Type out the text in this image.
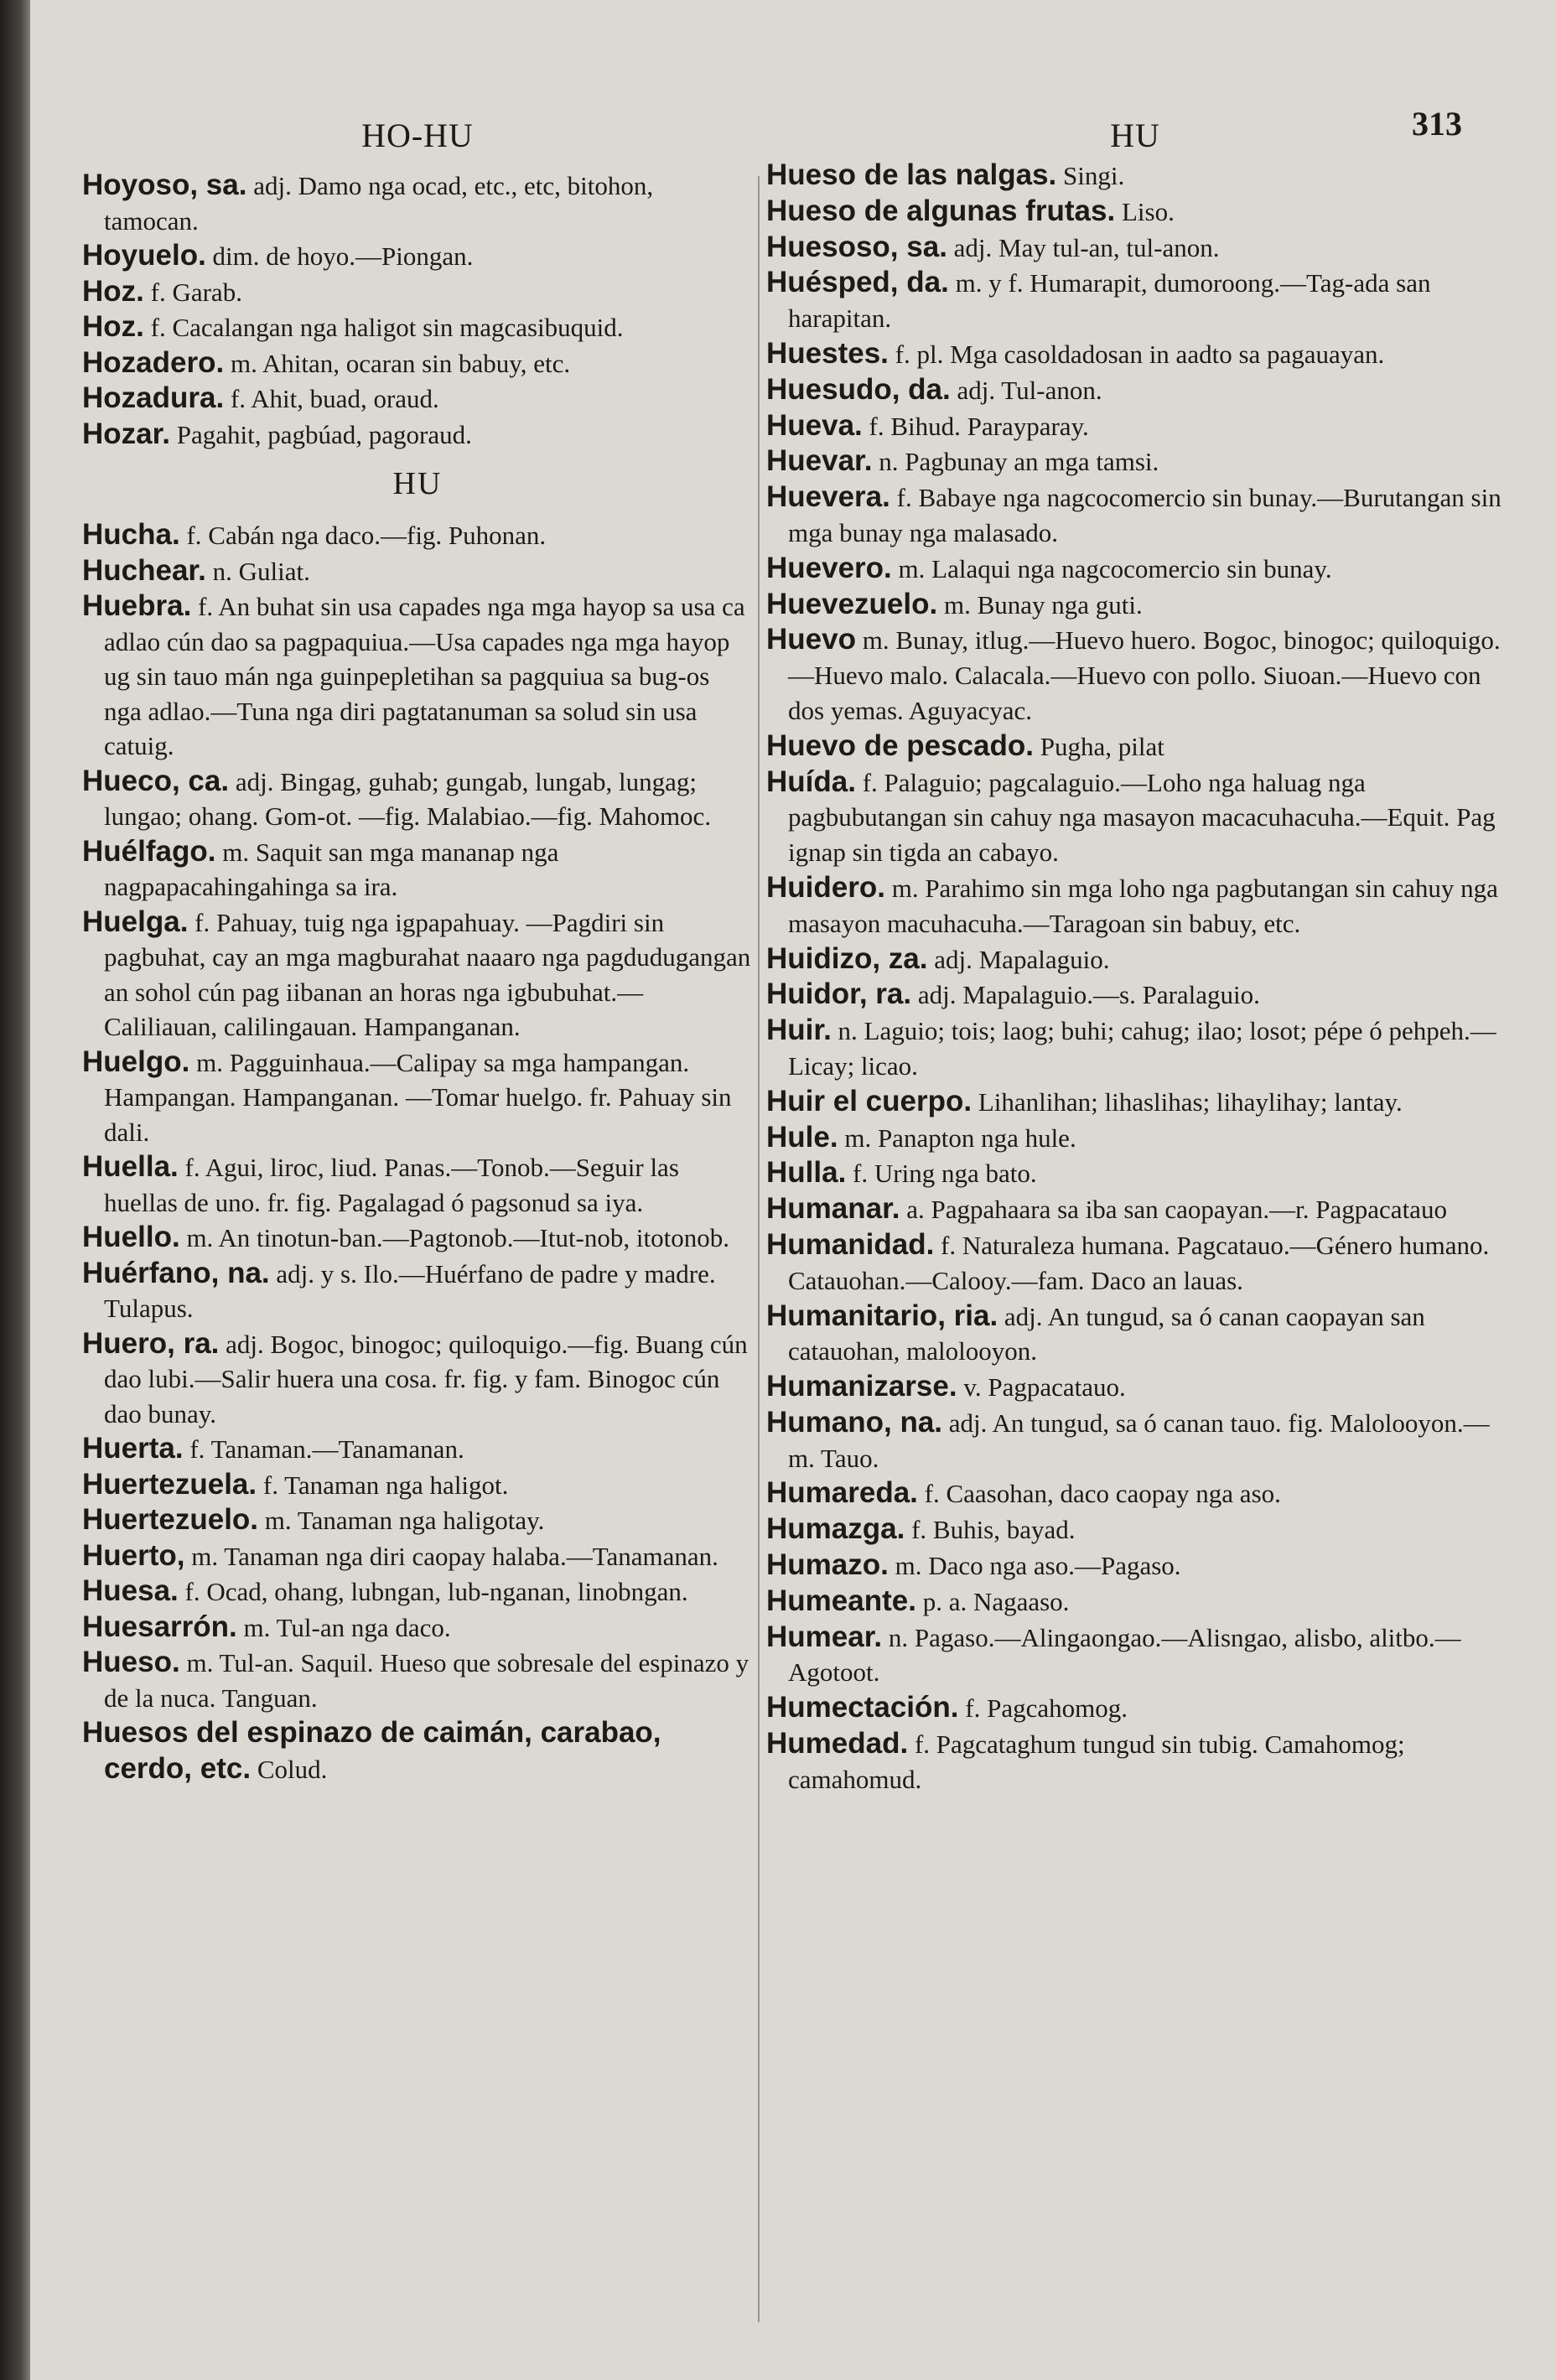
HO-HU

Hoyoso, sa. adj. Damo nga ocad, etc., etc, bitohon, tamocan.

Hoyuelo. dim. de hoyo.—Piongan.

Hoz. f. Garab.

Hoz. f. Cacalangan nga haligot sin magcasibuquid.

Hozadero. m. Ahitan, ocaran sin babuy, etc.

Hozadura. f. Ahit, buad, oraud.

Hozar. Pagahit, pagbúad, pagoraud.

HU

Hucha. f. Cabán nga daco.—fig. Puhonan.

Huchear. n. Guliat.

Huebra. f. An buhat sin usa capades nga mga hayop sa usa ca adlao cún dao sa pagpaquiua.—Usa capades nga mga hayop ug sin tauo mán nga guinpepletihan sa pagquiua sa bug-os nga adlao.—Tuna nga diri pagtatanuman sa solud sin usa catuig.

Hueco, ca. adj. Bingag, guhab; gungab, lungab, lungag; lungao; ohang. Gom-ot. —fig. Malabiao.—fig. Mahomoc.

Huélfago. m. Saquit san mga mananap nga nagpapacahingahinga sa ira.

Huelga. f. Pahuay, tuig nga igpapahuay. —Pagdiri sin pagbuhat, cay an mga magburahat naaaro nga pagdudugangan an sohol cún pag iibanan an horas nga igbubuhat.—Caliliauan, calilingauan. Hampanganan.

Huelgo. m. Pagguinhaua.—Calipay sa mga hampangan. Hampangan. Hampanganan. —Tomar huelgo. fr. Pahuay sin dali.

Huella. f. Agui, liroc, liud. Panas.—Tonob.—Seguir las huellas de uno. fr. fig. Pagalagad ó pagsonud sa iya.

Huello. m. An tinotun-ban.—Pagtonob.—Itut-nob, itotonob.

Huérfano, na. adj. y s. Ilo.—Huérfano de padre y madre. Tulapus.

Huero, ra. adj. Bogoc, binogoc; quiloquigo.—fig. Buang cún dao lubi.—Salir huera una cosa. fr. fig. y fam. Binogoc cún dao bunay.

Huerta. f. Tanaman.—Tanamanan.

Huertezuela. f. Tanaman nga haligot.

Huertezuelo. m. Tanaman nga haligotay.

Huerto, m. Tanaman nga diri caopay halaba.—Tanamanan.

Huesa. f. Ocad, ohang, lubngan, lub-nganan, linobngan.

Huesarrón. m. Tul-an nga daco.

Hueso. m. Tul-an. Saquil. Hueso que sobresale del espinazo y de la nuca. Tanguan.

Huesos del espinazo de caimán, carabao, cerdo, etc. Colud.

HU	313

Hueso de las nalgas. Singi.

Hueso de algunas frutas. Liso.

Huesoso, sa. adj. May tul-an, tul-anon.

Huésped, da. m. y f. Humarapit, dumoroong.—Tag-ada san harapitan.

Huestes. f. pl. Mga casoldadosan in aadto sa pagauayan.

Huesudo, da. adj. Tul-anon.

Hueva. f. Bihud. Parayparay.

Huevar. n. Pagbunay an mga tamsi.

Huevera. f. Babaye nga nagcocomercio sin bunay.—Burutangan sin mga bunay nga malasado.

Huevero. m. Lalaqui nga nagcocomercio sin bunay.

Huevezuelo. m. Bunay nga guti.

Huevo m. Bunay, itlug.—Huevo huero. Bogoc, binogoc; quiloquigo.—Huevo malo. Calacala.—Huevo con pollo. Siuoan.—Huevo con dos yemas. Aguyacyac.

Huevo de pescado. Pugha, pilat

Huída. f. Palaguio; pagcalaguio.—Loho nga haluag nga pagbubutangan sin cahuy nga masayon macacuhacuha.—Equit. Pag ignap sin tigda an cabayo.

Huidero. m. Parahimo sin mga loho nga pagbutangan sin cahuy nga masayon macuhacuha.—Taragoan sin babuy, etc.

Huidizo, za. adj. Mapalaguio.

Huidor, ra. adj. Mapalaguio.—s. Paralaguio.

Huir. n. Laguio; tois; laog; buhi; cahug; ilao; losot; pépe ó pehpeh.—Licay; licao.

Huir el cuerpo. Lihanlihan; lihaslihas; lihaylihay; lantay.

Hule. m. Panapton nga hule.

Hulla. f. Uring nga bato.

Humanar. a. Pagpahaara sa iba san caopayan.—r. Pagpacatauo

Humanidad. f. Naturaleza humana. Pagcatauo.—Género humano. Catauohan.—Calooy.—fam. Daco an lauas.

Humanitario, ria. adj. An tungud, sa ó canan caopayan san catauohan, malolooyon.

Humanizarse. v. Pagpacatauo.

Humano, na. adj. An tungud, sa ó canan tauo. fig. Malolooyon.—m. Tauo.

Humareda. f. Caasohan, daco caopay nga aso.

Humazga. f. Buhis, bayad.

Humazo. m. Daco nga aso.—Pagaso.

Humeante. p. a. Nagaaso.

Humear. n. Pagaso.—Alingaongao.—Alisngao, alisbo, alitbo.—Agotoot.

Humectación. f. Pagcahomog.

Humedad. f. Pagcataghum tungud sin tubig. Camahomog; camahomud.
